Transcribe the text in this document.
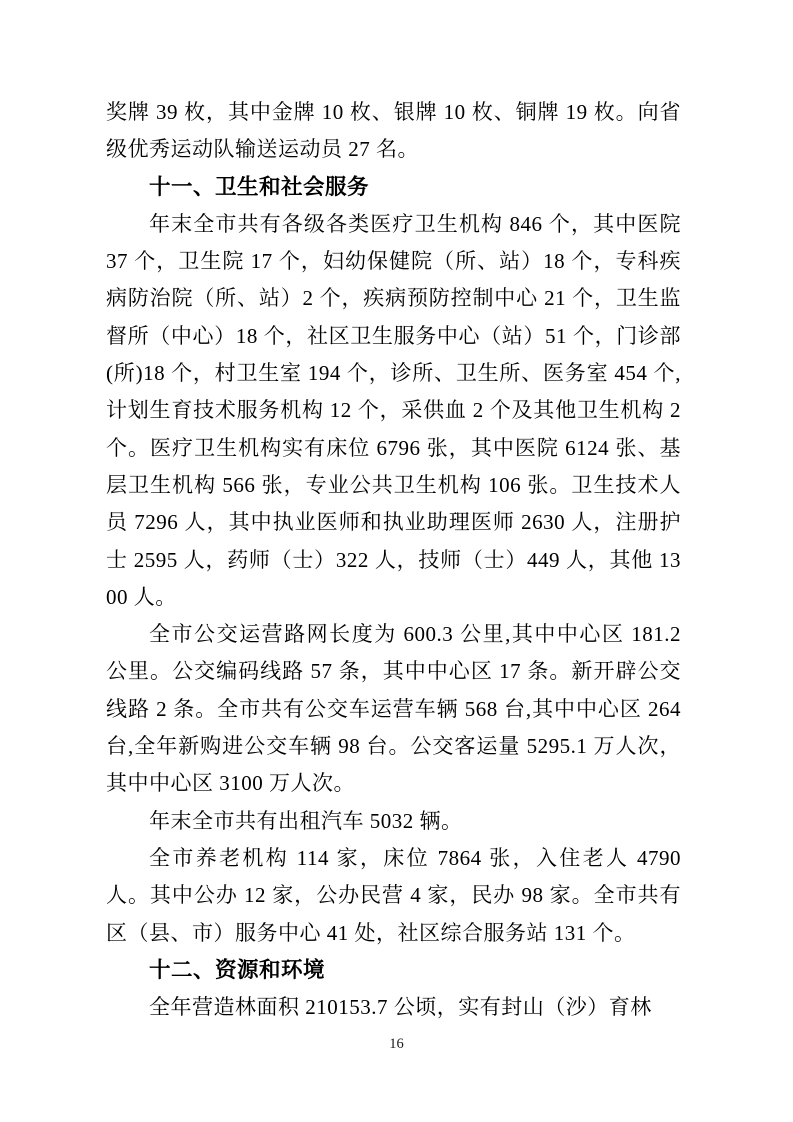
奖牌 39 枚，其中金牌 10 枚、银牌 10 枚、铜牌 19 枚。向省级优秀运动队输送运动员 27 名。

十一、卫生和社会服务

年末全市共有各级各类医疗卫生机构 846 个，其中医院 37 个，卫生院 17 个，妇幼保健院（所、站）18 个，专科疾病防治院（所、站）2 个，疾病预防控制中心 21 个，卫生监督所（中心）18 个，社区卫生服务中心（站）51 个，门诊部(所)18 个，村卫生室 194 个，诊所、卫生所、医务室 454 个,计划生育技术服务机构 12 个，采供血 2 个及其他卫生机构 2 个。医疗卫生机构实有床位 6796 张，其中医院 6124 张、基层卫生机构 566 张，专业公共卫生机构 106 张。卫生技术人员 7296 人，其中执业医师和执业助理医师 2630 人，注册护士 2595 人，药师（士）322 人，技师（士）449 人，其他 1300 人。

全市公交运营路网长度为 600.3 公里,其中中心区 181.2 公里。公交编码线路 57 条，其中中心区 17 条。新开辟公交线路 2 条。全市共有公交车运营车辆 568 台,其中中心区 264 台,全年新购进公交车辆 98 台。公交客运量 5295.1 万人次，其中中心区 3100 万人次。

年末全市共有出租汽车 5032 辆。

全市养老机构 114 家，床位 7864 张，入住老人 4790 人。其中公办 12 家，公办民营 4 家，民办 98 家。全市共有区（县、市）服务中心 41 处，社区综合服务站 131 个。

十二、资源和环境

全年营造林面积 210153.7 公顷，实有封山（沙）育林

16
